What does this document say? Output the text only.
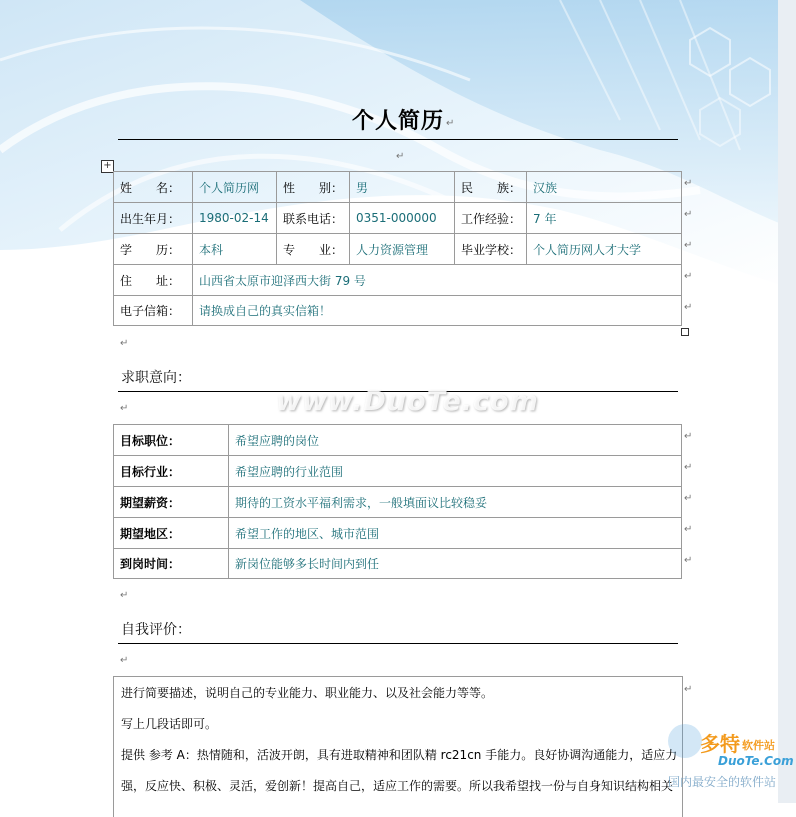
个人简历 ↵
↵
+
姓　　名：	个人简历网	性　　别：	男	民　　族：	汉族
出生年月：	1980-02-14	联系电话：	0351-000000	工作经验：	7 年
学　　历：	本科	专　　业：	人力资源管理	毕业学校：	个人简历网人才大学
住　　址：	山西省太原市迎泽西大街 79 号				
电子信箱：	请换成自己的真实信箱！				
↵
↵
↵
↵
↵
↵
求职意向：
↵
目标职位：	希望应聘的岗位
目标行业：	希望应聘的行业范围
期望薪资：	期待的工资水平福利需求，一般填面议比较稳妥
期望地区：	希望工作的地区、城市范围
到岗时间：	新岗位能够多长时间内到任
↵
↵
↵
↵
↵
↵
自我评价：
↵
进行简要描述，说明自己的专业能力、职业能力、以及社会能力等等。
写上几段话即可。
提供 参考 A：热情随和，活波开朗，具有进取精神和团队精 rc21cn 手能力。良好协调沟通能力，适应力
强，反应快、积极、灵活，爱创新！提高自己，适应工作的需要。所以我希望找一份与自身知识结构相关
↵
www.DuoTe.com
多特 软件站
DuoTe.Com
国内最安全的软件站
